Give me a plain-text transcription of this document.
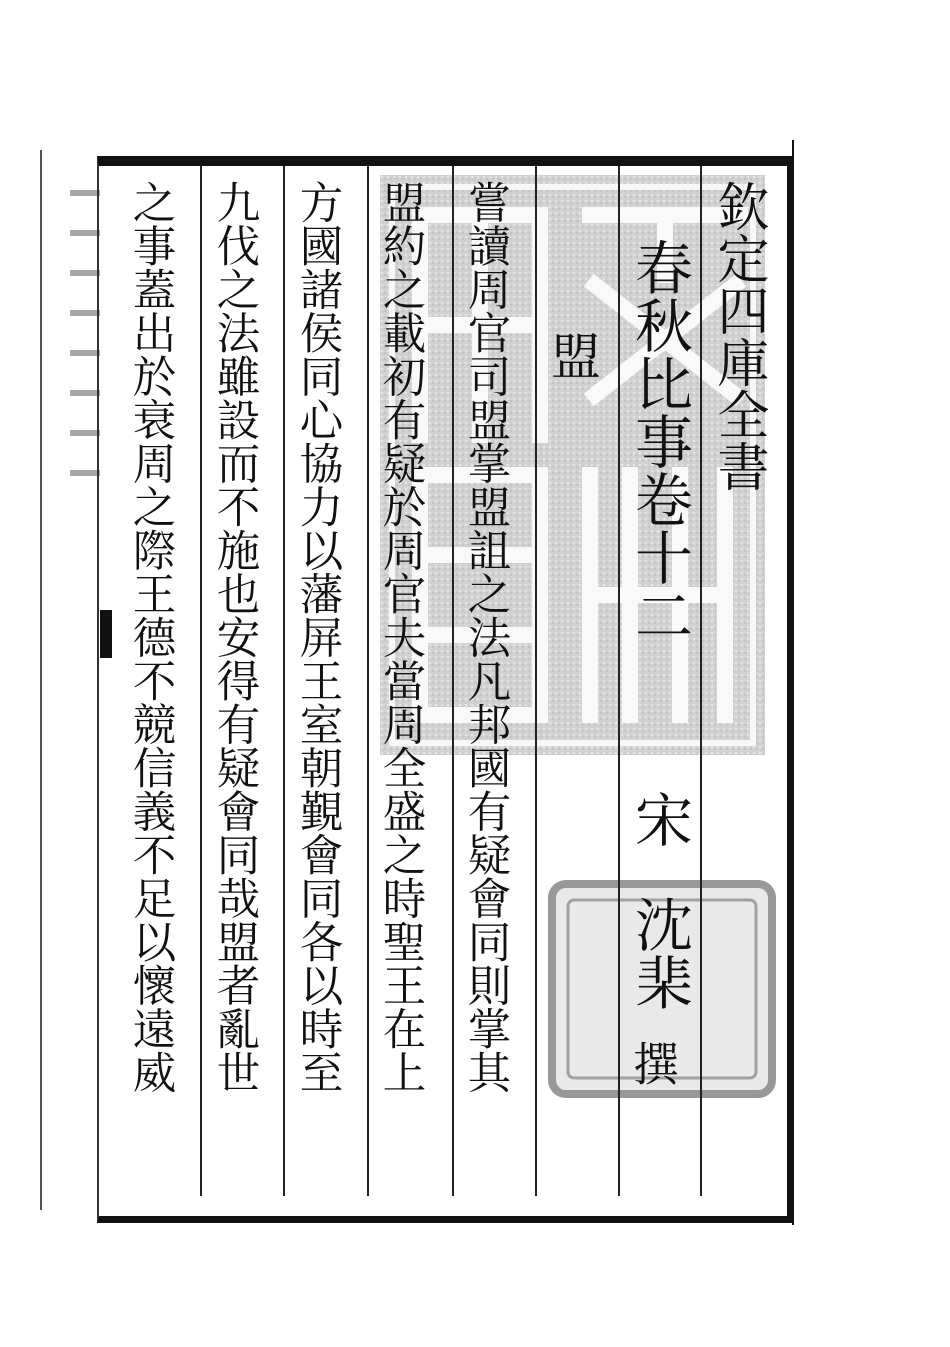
欽定四庫全書
春秋比事卷十二
宋
沈棐
撰
盟
嘗讀周官司盟掌盟詛之法凡邦國有疑會同則掌其
盟約之載初有疑於周官夫當周全盛之時聖王在上
方國諸侯同心協力以藩屏王室朝覲會同各以時至
九伐之法雖設而不施也安得有疑會同哉盟者亂世
之事蓋出於衰周之際王德不競信義不足以懷遠威
